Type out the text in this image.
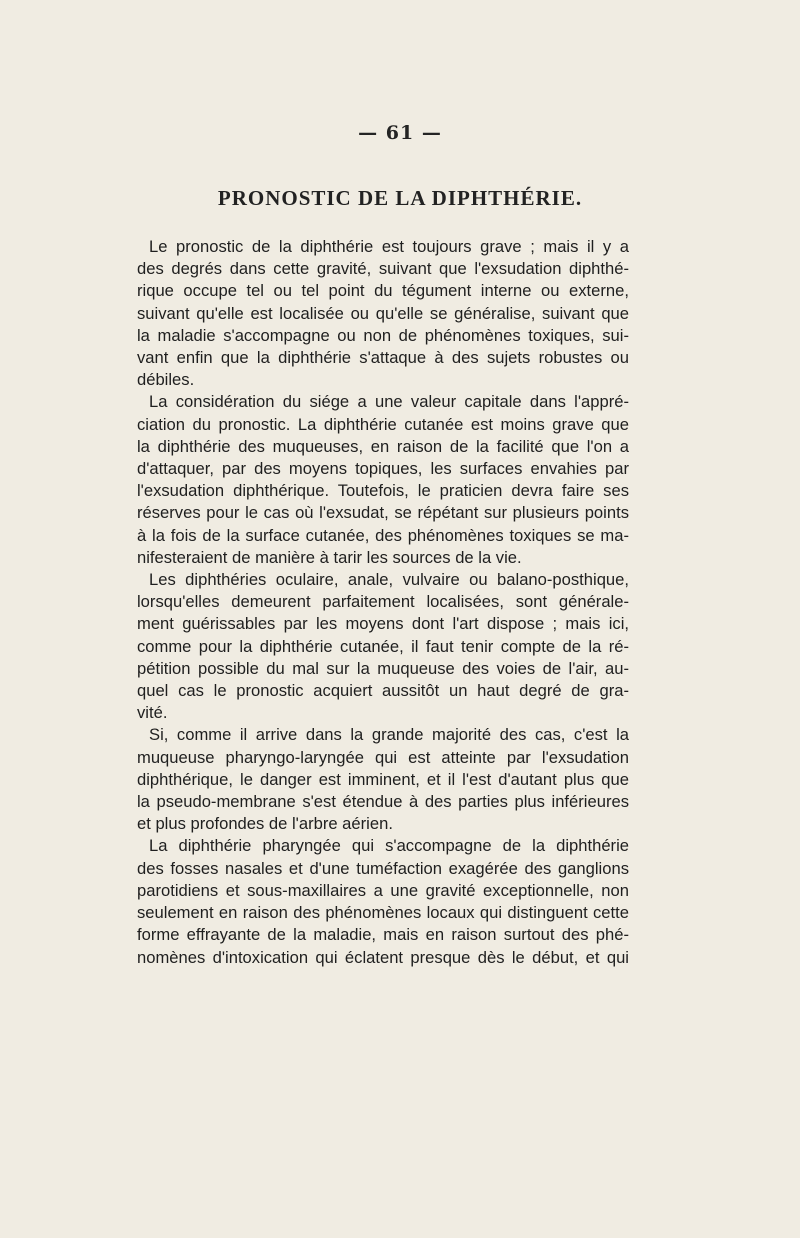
— 61 —
PRONOSTIC DE LA DIPHTHÉRIE.
Le pronostic de la diphthérie est toujours grave ; mais il y a
des degrés dans cette gravité, suivant que l'exsudation diphthé-
rique occupe tel ou tel point du tégument interne ou externe,
suivant qu'elle est localisée ou qu'elle se généralise, suivant que
la maladie s'accompagne ou non de phénomènes toxiques, sui-
vant enfin que la diphthérie s'attaque à des sujets robustes ou
débiles.
La considération du siége a une valeur capitale dans l'appré-
ciation du pronostic. La diphthérie cutanée est moins grave que
la diphthérie des muqueuses, en raison de la facilité que l'on a
d'attaquer, par des moyens topiques, les surfaces envahies par
l'exsudation diphthérique. Toutefois, le praticien devra faire ses
réserves pour le cas où l'exsudat, se répétant sur plusieurs points
à la fois de la surface cutanée, des phénomènes toxiques se ma-
nifesteraient de manière à tarir les sources de la vie.
Les diphthéries oculaire, anale, vulvaire ou balano-posthique,
lorsqu'elles demeurent parfaitement localisées, sont générale-
ment guérissables par les moyens dont l'art dispose ; mais ici,
comme pour la diphthérie cutanée, il faut tenir compte de la ré-
pétition possible du mal sur la muqueuse des voies de l'air, au-
quel cas le pronostic acquiert aussitôt un haut degré de gra-
vité.
Si, comme il arrive dans la grande majorité des cas, c'est la
muqueuse pharyngo-laryngée qui est atteinte par l'exsudation
diphthérique, le danger est imminent, et il l'est d'autant plus que
la pseudo-membrane s'est étendue à des parties plus inférieures
et plus profondes de l'arbre aérien.
La diphthérie pharyngée qui s'accompagne de la diphthérie
des fosses nasales et d'une tuméfaction exagérée des ganglions
parotidiens et sous-maxillaires a une gravité exceptionnelle, non
seulement en raison des phénomènes locaux qui distinguent cette
forme effrayante de la maladie, mais en raison surtout des phé-
nomènes d'intoxication qui éclatent presque dès le début, et qui
